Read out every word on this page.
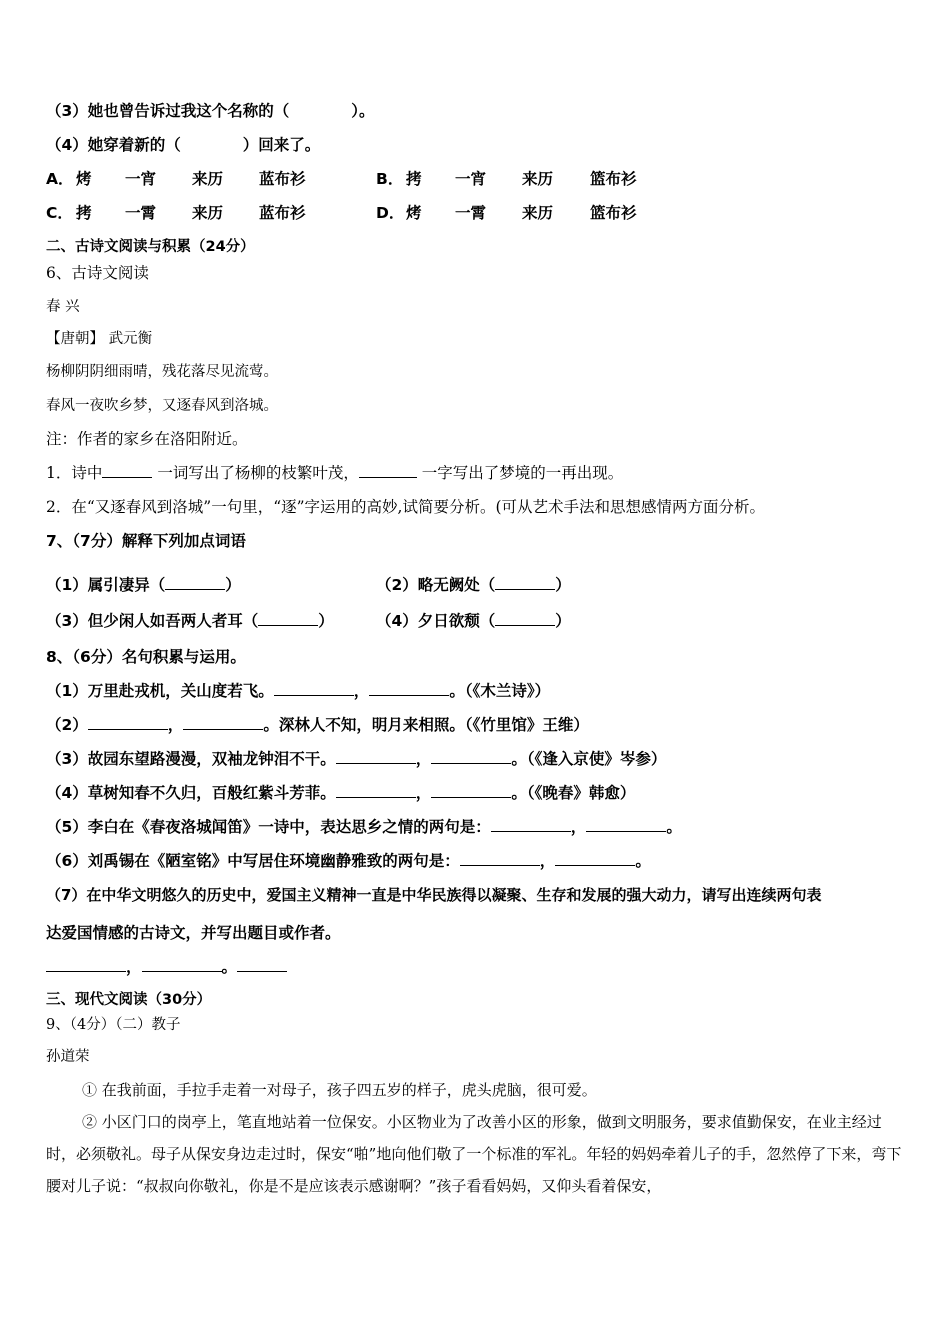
（3）她也曾告诉过我这个名称的（　　　　）。
（4）她穿着新的（　　　　）回来了。
A． 烤 一宵 来历 蓝布衫	B． 拷 一宵 来历 篮布衫
C． 拷 一霄 来历 蓝布衫	D． 烤 一霄 来历 篮布衫
二、古诗文阅读与积累（24分）
6、古诗文阅读
春 兴
【唐朝】 武元衡
杨柳阴阴细雨晴，残花落尽见流莺。
春风一夜吹乡梦，又逐春风到洛城。
注：作者的家乡在洛阳附近。
1．诗中	一词写出了杨柳的枝繁叶茂，	一字写出了梦境的一再出现。
2．在“又逐春风到洛城”一句里，“逐”字运用的高妙,试简要分析。(可从艺术手法和思想感情两方面分析。
7、（7分）解释下列加点词语
（1）属引凄异（	）	（2）略无阙处（	）
（3）但少闲人如吾两人者耳（	）	（4）夕日欲颓（	）
8、（6分）名句积累与运用。
（1）万里赴戎机，关山度若飞。	，	。（《木兰诗》）
（2）	，	。深林人不知，明月来相照。（《竹里馆》王维）
（3）故园东望路漫漫，双袖龙钟泪不干。	，	。（《逢入京使》岑参）
（4）草树知春不久归，百般红紫斗芳菲。	，	。（《晚春》韩愈）
（5）李白在《春夜洛城闻笛》一诗中，表达思乡之情的两句是：	，	。
（6）刘禹锡在《陋室铭》中写居住环境幽静雅致的两句是：	，	。
（7）在中华文明悠久的历史中，爱国主义精神一直是中华民族得以凝聚、生存和发展的强大动力，请写出连续两句表
达爱国情感的古诗文，并写出题目或作者。
，	。
三、现代文阅读（30分）
9、（4分）（二）教子
孙道荣
① 在我前面，手拉手走着一对母子，孩子四五岁的样子，虎头虎脑，很可爱。
② 小区门口的岗亭上，笔直地站着一位保安。小区物业为了改善小区的形象，做到文明服务，要求值勤保安，在业主经过时，必须敬礼。母子从保安身边走过时，保安“啪”地向他们敬了一个标准的军礼。年轻的妈妈牵着儿子的手，忽然停了下来，弯下腰对儿子说：“叔叔向你敬礼，你是不是应该表示感谢啊？”孩子看看妈妈，又仰头看着保安，
